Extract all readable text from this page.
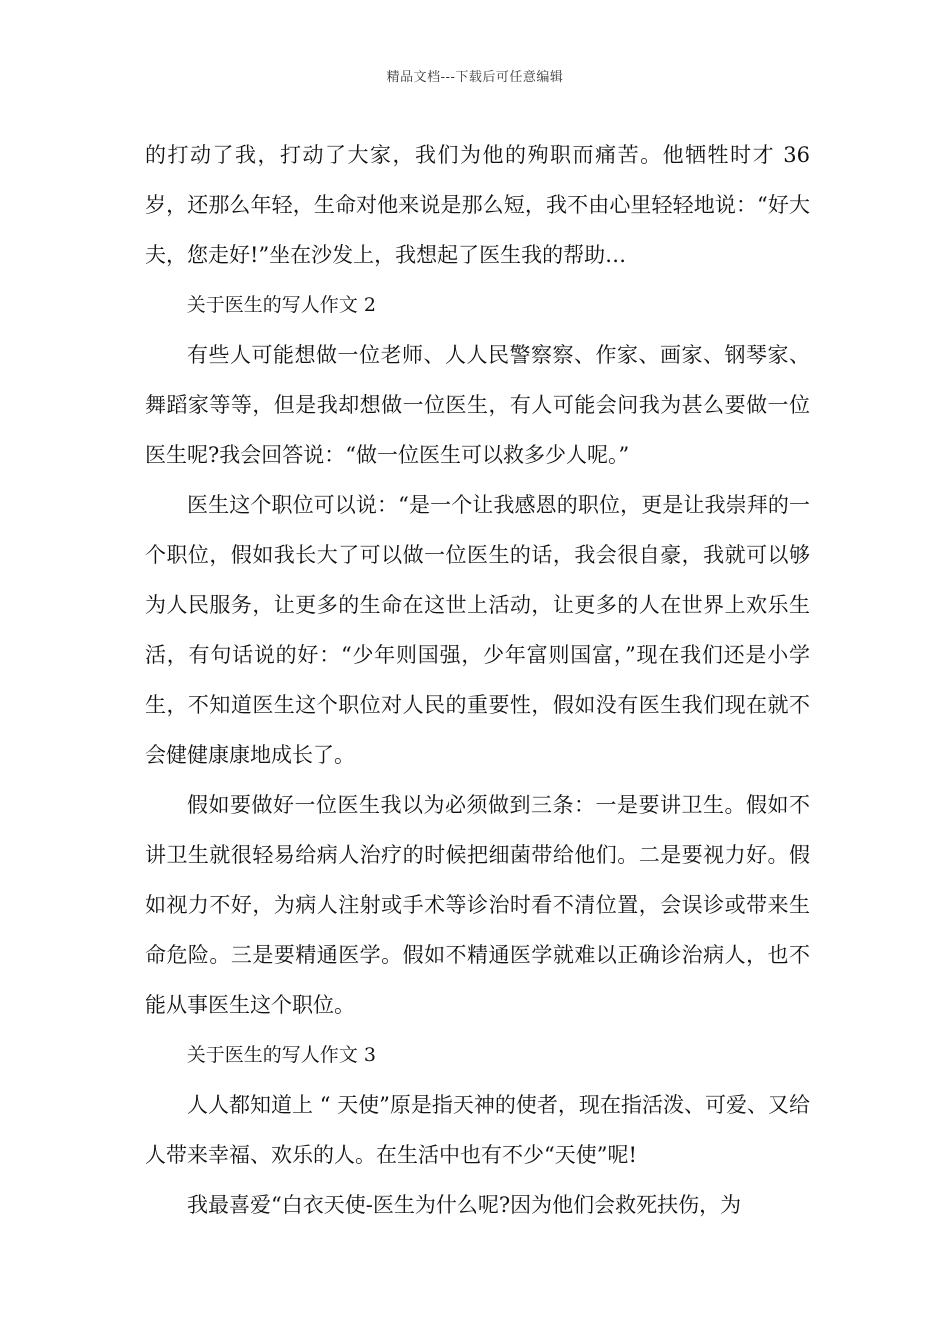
精品文档---下载后可任意编辑

的打动了我，打动了大家，我们为他的殉职而痛苦。他牺牲时才 36 岁，还那么年轻，生命对他来说是那么短，我不由心里轻轻地说：“好大夫，您走好!”坐在沙发上，我想起了医生我的帮助…

关于医生的写人作文 2

有些人可能想做一位老师、人人民警察察、作家、画家、钢琴家、舞蹈家等等，但是我却想做一位医生，有人可能会问我为甚么要做一位医生呢?我会回答说：“做一位医生可以救多少人呢。”

医生这个职位可以说：“是一个让我感恩的职位，更是让我崇拜的一个职位，假如我长大了可以做一位医生的话，我会很自豪，我就可以够为人民服务，让更多的生命在这世上活动，让更多的人在世界上欢乐生活，有句话说的好：“少年则国强，少年富则国富，”现在我们还是小学生，不知道医生这个职位对人民的重要性，假如没有医生我们现在就不会健健康康地成长了。

假如要做好一位医生我以为必须做到三条：一是要讲卫生。假如不讲卫生就很轻易给病人治疗的时候把细菌带给他们。二是要视力好。假如视力不好，为病人注射或手术等诊治时看不清位置，会误诊或带来生命危险。三是要精通医学。假如不精通医学就难以正确诊治病人，也不能从事医生这个职位。

关于医生的写人作文 3

人人都知道上 “ 天使”原是指天神的使者，现在指活泼、可爱、又给人带来幸福、欢乐的人。在生活中也有不少“天使”呢!

我最喜爱“白衣天使-医生为什么呢?因为他们会救死扶伤，为
